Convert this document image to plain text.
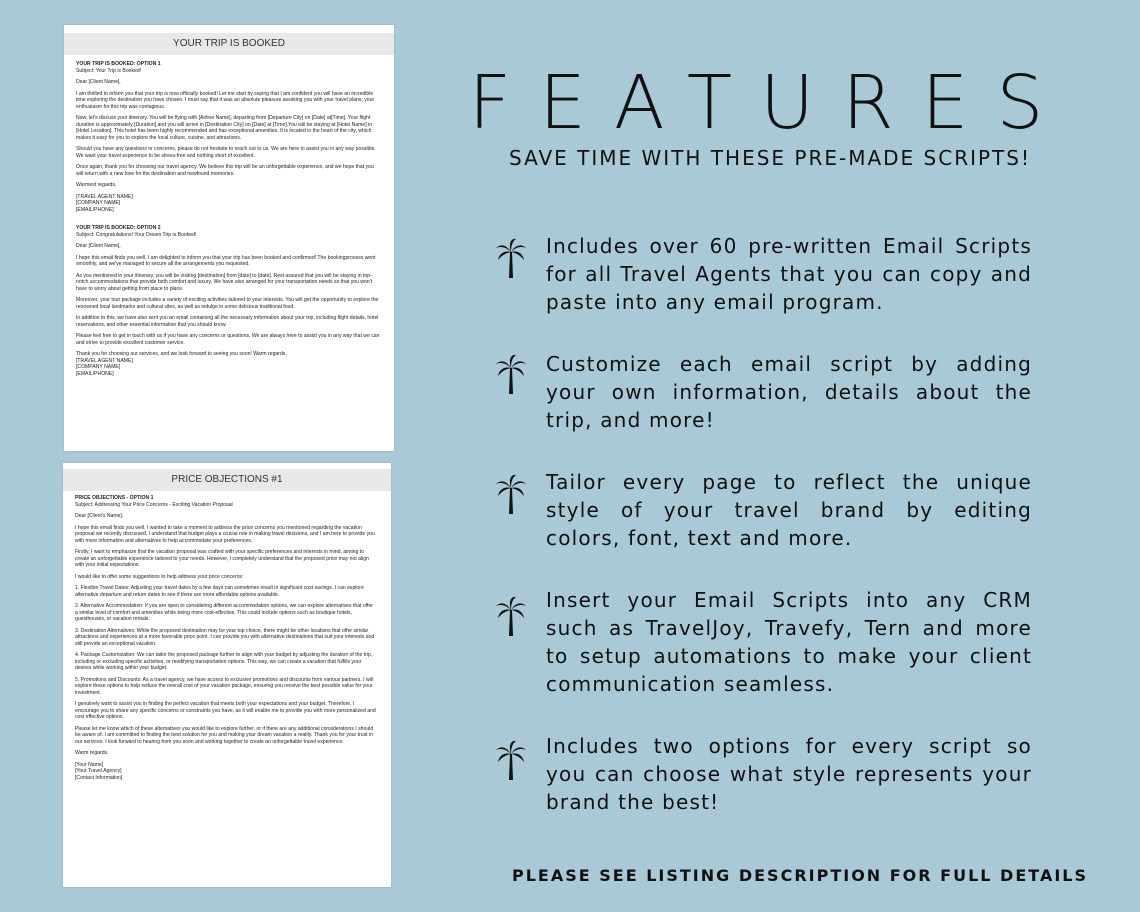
YOUR TRIP IS BOOKED

YOUR TRIP IS BOOKED: OPTION 1

Subject: Your Trip is Booked!

Dear [Client Name],

I am thrilled to inform you that your trip is now officially booked! Let me start by saying that I am confident you will have an incredible time exploring the destination you have chosen. I must say that it was an absolute pleasure assisting you with your travel plans; your enthusiasm for this trip was contagious.

Now, let's discuss your itinerary. You will be flying with [Airline Name], departing from [Departure City] on [Date] at[Time]. Your flight duration is approximately [Duration] and you will arrive in [Destination City] on [Date] at [Time].You will be staying at [Hotel Name] in [Hotel Location]. This hotel has been highly recommended and has exceptional amenities. It is located in the heart of the city, which makes it easy for you to explore the local culture, cuisine, and attractions.

Should you have any questions or concerns, please do not hesitate to reach out to us. We are here to assist you in any way possible. We want your travel experience to be stress-free and nothing short of excellent.

Once again, thank you for choosing our travel agency. We believe this trip will be an unforgettable experience, and we hope that you will return with a new love for the destination and newfound memories.

Warmest regards,

[TRAVEL AGENT NAME]
[COMPANY NAME]
[EMAIL/PHONE]

YOUR TRIP IS BOOKED: OPTION 2

Subject: Congratulations! Your Dream Trip is Booked!

Dear [Client Name],

I hope this email finds you well. I am delighted to inform you that your trip has been booked and confirmed! The bookingprocess went smoothly, and we've managed to secure all the arrangements you requested.

As you mentioned in your itinerary, you will be visiting [destination] from [date] to [date]. Rest assured that you will be staying in top- notch accommodations that provide both comfort and luxury. We have also arranged for your transportation needs so that you won't have to worry about getting from place to place.

Moreover, your tour package includes a variety of exciting activities tailored to your interests. You will get the opportunity to explore the renowned local landmarks and cultural sites, as well as indulge in some delicious traditional food.

In addition to this, we have also sent you an email containing all the necessary information about your trip, including flight details, hotel reservations, and other essential information that you should know.

Please feel free to get in touch with us if you have any concerns or questions. We are always here to assist you in any way that we can and strive to provide excellent customer service.

Thank you for choosing our services, and we look forward to seeing you soon! Warm regards,

[TRAVEL AGENT NAME]
[COMPANY NAME]
[EMAIL/PHONE]
PRICE OBJECTIONS #1

PRICE OBJECTIONS - OPTION 1

Subject: Addressing Your Price Concerns - Exciting Vacation Proposal

Dear [Client's Name],

I hope this email finds you well. I wanted to take a moment to address the price concerns you mentioned regarding the vacation proposal we recently discussed. I understand that budget plays a crucial role in making travel decisions, and I am here to provide you with more information and alternatives to help accommodate your preferences.

Firstly, I want to emphasize that the vacation proposal was crafted with your specific preferences and interests in mind, aiming to create an unforgettable experience tailored to your needs. However, I completely understand that the proposed price may not align with your initial expectations.

I would like to offer some suggestions to help address your price concerns:

1. Flexible Travel Dates: Adjusting your travel dates by a few days can sometimes result in significant cost savings. I can explore alternative departure and return dates to see if there are more affordable options available.

2. Alternative Accommodation: If you are open to considering different accommodation options, we can explore alternatives that offer a similar level of comfort and amenities while being more cost-effective. This could include options such as boutique hotels, guesthouses, or vacation rentals.

3. Destination Alternatives: While the proposed destination may be your top choice, there might be other locations that offer similar attractions and experiences at a more favorable price point. I can provide you with alternative destinations that suit your interests and still provide an exceptional vacation.

4. Package Customization: We can tailor the proposed package further to align with your budget by adjusting the duration of the trip, including or excluding specific activities, or modifying transportation options. This way, we can create a vacation that fulfills your desires while working within your budget.

5. Promotions and Discounts: As a travel agency, we have access to exclusive promotions and discounts from various partners. I will explore these options to help reduce the overall cost of your vacation package, ensuring you receive the best possible value for your investment.

I genuinely want to assist you in finding the perfect vacation that meets both your expectations and your budget. Therefore, I encourage you to share any specific concerns or constraints you have, as it will enable me to provide you with more personalized and cost effective options.

Please let me know which of these alternatives you would like to explore further, or if there are any additional considerations I should be aware of. I am committed to finding the best solution for you and making your dream vacation a reality. Thank you for your trust in our services. I look forward to hearing from you soon and working together to create an unforgettable travel experience.

Warm regards,

[Your Name]
[Your Travel Agency]
[Contact Information]
FEATURES
SAVE TIME WITH THESE PRE-MADE SCRIPTS!
Includes over 60 pre-written Email Scripts for all Travel Agents that you can copy and paste into any email program.
Customize each email script by adding your own information, details about the trip, and more!
Tailor every page to reflect the unique style of your travel brand by editing colors, font, text and more.
Insert your Email Scripts into any CRM such as TravelJoy, Travefy, Tern and more to setup automations to make your client communication seamless.
Includes two options for every script so you can choose what style represents your brand the best!
PLEASE SEE LISTING DESCRIPTION FOR FULL DETAILS
